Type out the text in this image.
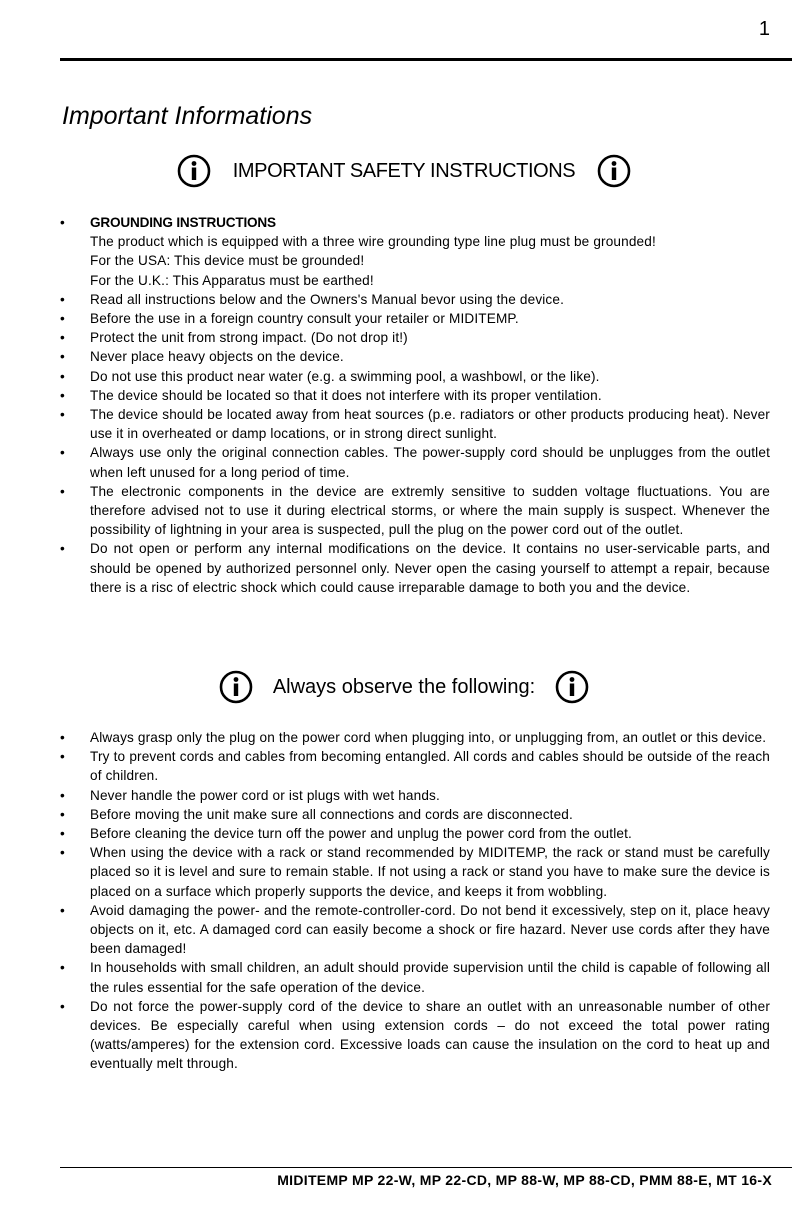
1
Important Informations
IMPORTANT SAFETY INSTRUCTIONS
• GROUNDING INSTRUCTIONS
The product which is equipped with a three wire grounding type line plug must be grounded!
For the USA: This device must be grounded!
For the U.K.: This Apparatus must be earthed!
• Read all instructions below and the Owners's Manual bevor using the device.
• Before the use in a foreign country consult your retailer or MIDITEMP.
• Protect the unit from strong impact. (Do not drop it!)
• Never place heavy objects on the device.
• Do not use this product near water (e.g. a swimming pool, a washbowl, or the like).
• The device should be located so that it does not interfere with its proper ventilation.
• The device should be located away from heat sources (p.e. radiators or other products producing heat). Never use it in overheated or damp locations, or in strong direct sunlight.
• Always use only the original connection cables. The power-supply cord should be unplugges from the outlet when left unused for a long period of time.
• The electronic components in the device are extremly sensitive to sudden voltage fluctuations. You are therefore advised not to use it during electrical storms, or where the main supply is suspect. Whenever the possibility of lightning in your area is suspected, pull the plug on the power cord out of the outlet.
• Do not open or perform any internal modifications on the device. It contains no user-servicable parts, and should be opened by authorized personnel only. Never open the casing yourself to attempt a repair, because there is a risc of electric shock which could cause irreparable damage to both you and the device.
Always observe the following:
• Always grasp only the plug on the power cord when plugging into, or unplugging from, an outlet or this device.
• Try to prevent cords and cables from becoming entangled. All cords and cables should be outside of the reach of children.
• Never handle the power cord or ist plugs with wet hands.
• Before moving the unit make sure all connections and cords are disconnected.
• Before cleaning the device turn off the power and unplug the power cord from the outlet.
• When using the device with a rack or stand recommended by MIDITEMP, the rack or stand must be carefully placed so it is level and sure to remain stable. If not using a rack or stand you have to make sure the device is placed on a surface which properly supports the device, and keeps it from wobbling.
• Avoid damaging the power- and the remote-controller-cord. Do not bend it excessively, step on it, place heavy objects on it, etc. A damaged cord can easily become a shock or fire hazard. Never use cords after they have been damaged!
• In households with small children, an adult should provide supervision until the child is capable of following all the rules essential for the safe operation of the device.
• Do not force the power-supply cord of the device to share an outlet with an unreasonable number of other devices. Be especially careful when using extension cords – do not exceed the total power rating (watts/amperes) for the extension cord. Excessive loads can cause the insulation on the cord to heat up and eventually melt through.
MIDITEMP MP 22-W, MP 22-CD, MP 88-W, MP 88-CD, PMM 88-E, MT 16-X
